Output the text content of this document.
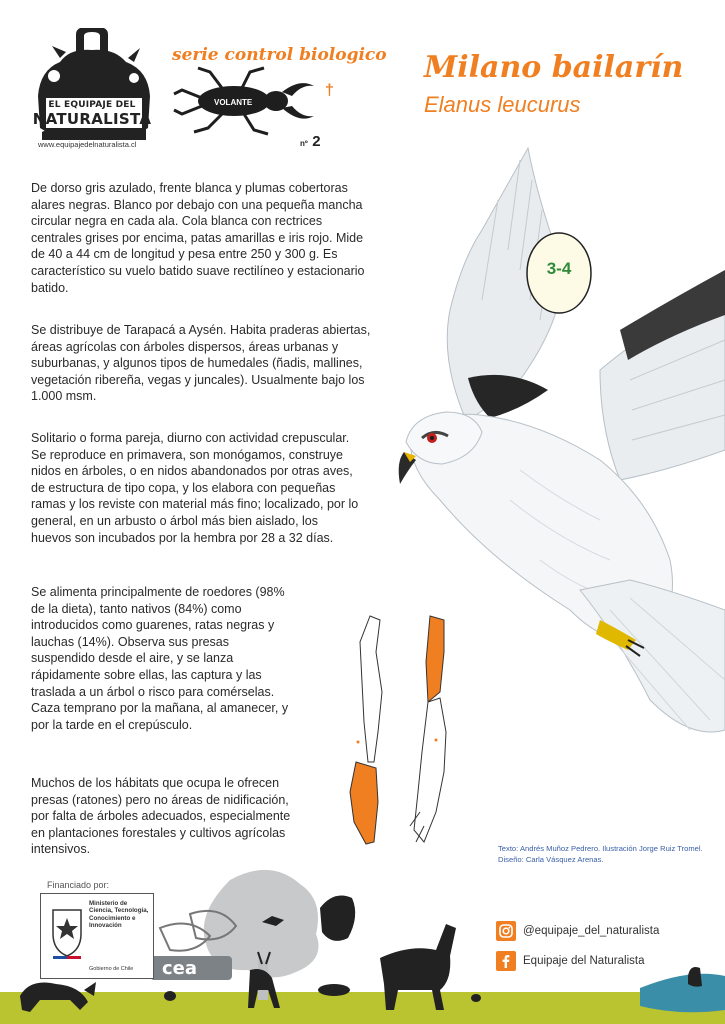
EL EQUIPAJE DEL
NATURALISTA
www.equipajedelnaturalista.cl
serie control biologico
VOLANTE
†
nº 2
Milano bailarín
Elanus leucurus
3-4

De dorso gris azulado, frente blanca y plumas cobertoras alares negras. Blanco por debajo con una pequeña mancha circular negra en cada ala. Cola blanca con rectrices centrales grises por encima, patas amarillas e iris rojo. Mide de 40 a 44 cm de longitud y pesa entre 250 y 300 g. Es característico su vuelo batido suave rectilíneo y estacionario batido.

Se distribuye de Tarapacá a Aysén. Habita praderas abiertas, áreas agrícolas con árboles dispersos, áreas urbanas y suburbanas, y algunos tipos de humedales (ñadis, mallines, vegetación ribereña, vegas y juncales). Usualmente bajo los 1.000 msm.

Solitario o forma pareja, diurno con actividad crepuscular. Se reproduce en primavera, son monógamos, construye nidos en árboles, o en nidos abandonados por otras aves, de estructura de tipo copa, y los elabora con pequeñas ramas y los reviste con material más fino; localizado, por lo general, en un arbusto o árbol más bien aislado, los huevos son incubados por la hembra por 28 a 32 días.

Se alimenta principalmente de roedores (98% de la dieta), tanto nativos (84%) como introducidos como guarenes, ratas negras y lauchas (14%). Observa sus presas suspendido desde el aire, y se lanza rápidamente sobre ellas, las captura y las traslada a un árbol o risco para comérselas. Caza temprano por la mañana, al amanecer, y por la tarde en el crepúsculo.

Muchos de los hábitats que ocupa le ofrecen presas (ratones) pero no áreas de nidificación, por falta de árboles adecuados, especialmente en plantaciones forestales y cultivos agrícolas intensivos.	Texto: Andrés Muñoz Pedrero. Ilustración Jorge Ruiz Tromel. Diseño: Carla Vásquez Arenas.
cea
Financiado por:
Ministerio de Ciencia, Tecnología, Conocimiento e Innovación
Gobierno de Chile
@equipaje_del_naturalista
Equipaje del Naturalista
